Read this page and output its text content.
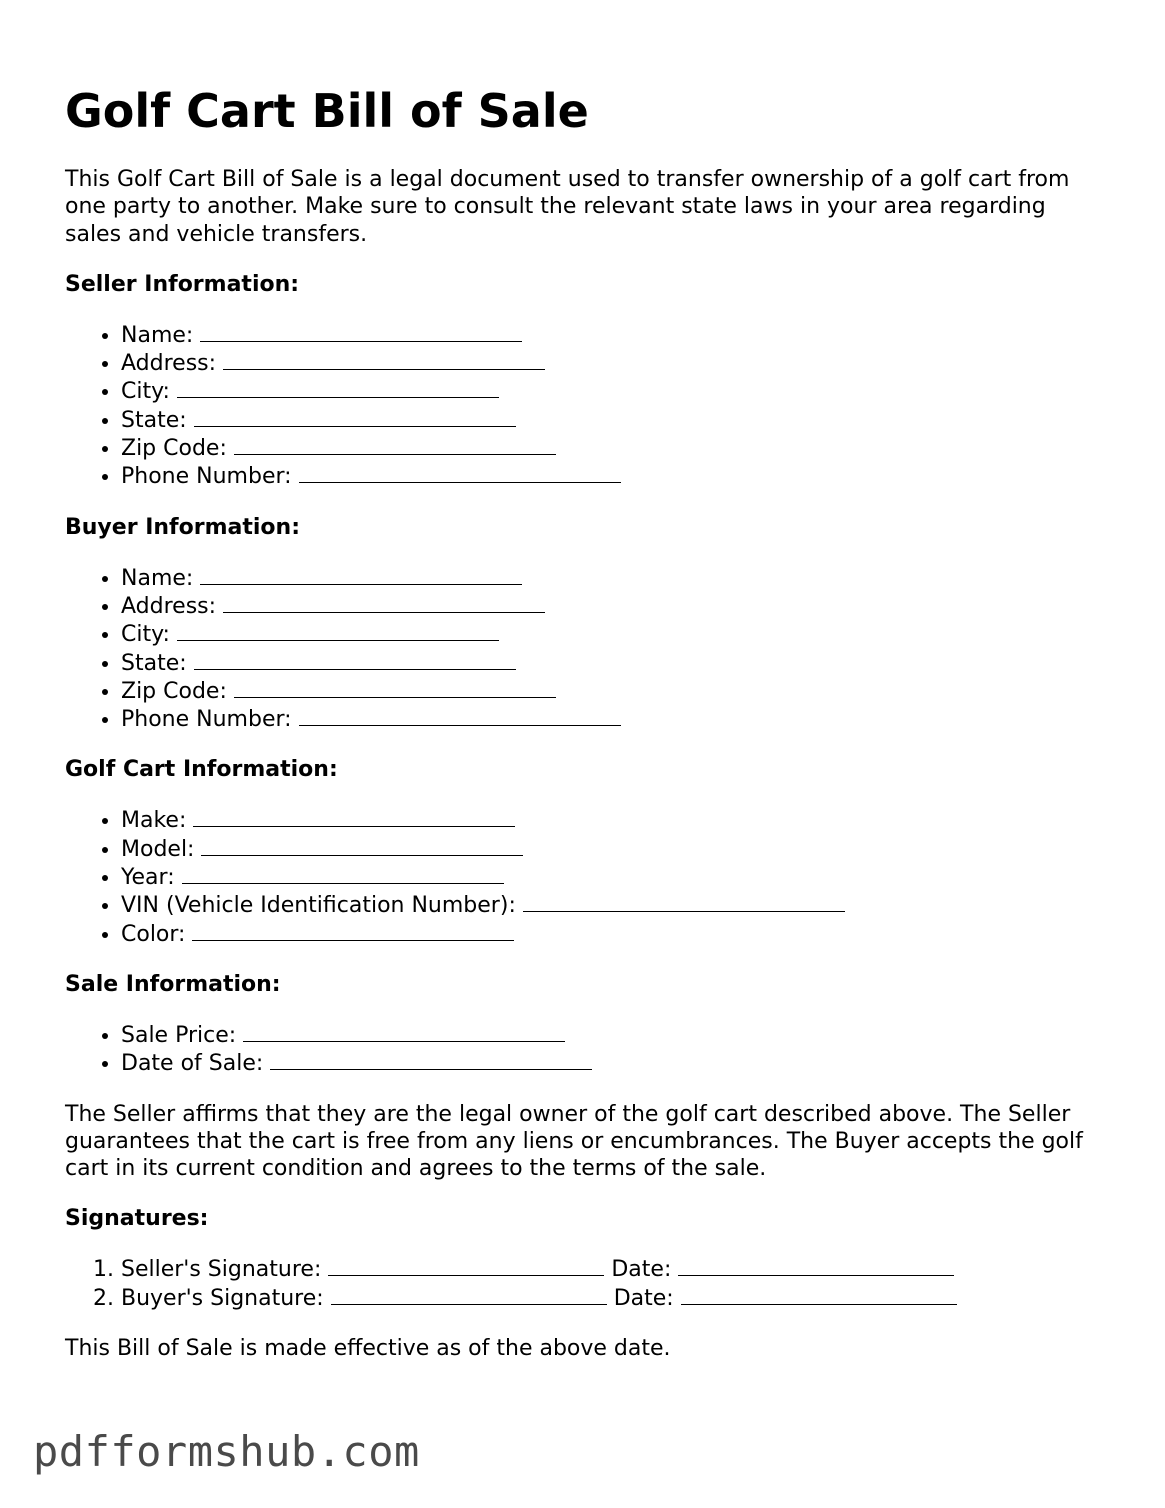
Golf Cart Bill of Sale

This Golf Cart Bill of Sale is a legal document used to transfer ownership of a golf cart from one party to another. Make sure to consult the relevant state laws in your area regarding sales and vehicle transfers.

Seller Information:
• Name:
• Address:
• City:
• State:
• Zip Code:
• Phone Number:
Buyer Information:
• Name:
• Address:
• City:
• State:
• Zip Code:
• Phone Number:
Golf Cart Information:
• Make:
• Model:
• Year:
• VIN (Vehicle Identification Number):
• Color:
Sale Information:
• Sale Price:
• Date of Sale:

The Seller affirms that they are the legal owner of the golf cart described above. The Seller guarantees that the cart is free from any liens or encumbrances. The Buyer accepts the golf cart in its current condition and agrees to the terms of the sale.

Signatures:
1. Seller's Signature:	Date:
2. Buyer's Signature:	Date:

This Bill of Sale is made effective as of the above date.

pdfformshub.com
